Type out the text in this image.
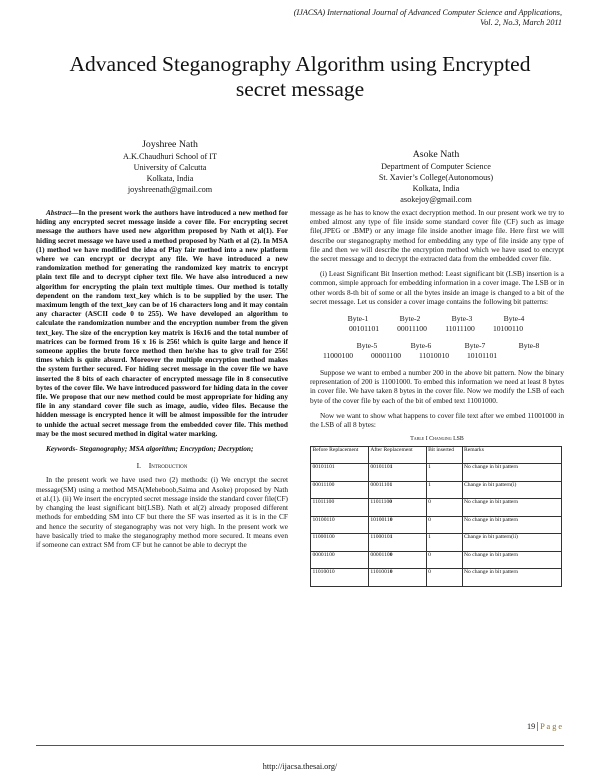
(IJACSA) International Journal of Advanced Computer Science and Applications,
Vol. 2, No.3, March 2011
Advanced Steganography Algorithm using Encrypted
secret message
Joyshree Nath
A.K.Chaudhuri School of IT
University of Calcutta
Kolkata, India
joyshreenath@gmail.com
Asoke Nath
Department of Computer Science
St. Xavier’s College(Autonomous)
Kolkata, India
asokejoy@gmail.com

Abstract—In the present work the authors have introduced a new method for hiding any encrypted secret message inside a cover file. For encrypting secret message the authors have used new algorithm proposed by Nath et al(1). For hiding secret message we have used a method proposed by Nath et al (2). In MSA (1) method we have modified the idea of Play fair method into a new platform where we can encrypt or decrypt any file. We have introduced a new randomization method for generating the randomized key matrix to encrypt plain text file and to decrypt cipher text file. We have also introduced a new algorithm for encrypting the plain text multiple times. Our method is totally dependent on the random text_key which is to be supplied by the user. The maximum length of the text_key can be of 16 characters long and it may contain any character (ASCII code 0 to 255). We have developed an algorithm to calculate the randomization number and the encryption number from the given text_key. The size of the encryption key matrix is 16x16 and the total number of matrices can be formed from 16 x 16 is 256! which is quite large and hence if someone applies the brute force method then he/she has to give trail for 256! times which is quite absurd. Moreover the multiple encryption method makes the system further secured. For hiding secret message in the cover file we have inserted the 8 bits of each character of encrypted message file in 8 consecutive bytes of the cover file. We have introduced password for hiding data in the cover file. We propose that our new method could be most appropriate for hiding any file in any standard cover file such as image, audio, video files. Because the hidden message is encrypted hence it will be almost impossible for the intruder to unhide the actual secret message from the embedded cover file. This method may be the most secured method in digital water marking.

Keywords- Steganography; MSA algorithm; Encryption; Decryption;

I. Introduction

In the present work we have used two (2) methods: (i) We encrypt the secret message(SM) using a method MSA(Meheboob,Saima and Asoke) proposed by Nath et al.(1). (ii) We insert the encrypted secret message inside the standard cover file(CF) by changing the least significant bit(LSB). Nath et al(2) already proposed different methods for embedding SM into CF but there the SF was inserted as it is in the CF and hence the security of steganography was not very high. In the present work we have basically tried to make the steganography method more secured. It means even if someone can extract SM from CF but he cannot be able to decrypt the

message as he has to know the exact decryption method. In our present work we try to embed almost any type of file inside some standard cover file (CF) such as image file(.JPEG or .BMP) or any image file inside another image file. Here first we will describe our steganography method for embedding any type of file inside any type of file and then we will describe the encryption method which we have used to encrypt the secret message and to decrypt the extracted data from the embedded cover file.

(i) Least Significant Bit Insertion method: Least significant bit (LSB) insertion is a common, simple approach for embedding information in a cover image. The LSB or in other words 8-th bit of some or all the bytes inside an image is changed to a bit of the secret message. Let us consider a cover image contains the following bit patterns:

Byte-1	Byte-2	Byte-3	Byte-4
00101101 00011100 11011100 10100110
Byte-5	Byte-6	Byte-7	Byte-8
11000100 00001100 11010010 10101101

Suppose we want to embed a number 200 in the above bit pattern. Now the binary representation of 200 is 11001000. To embed this information we need at least 8 bytes in cover file. We have taken 8 bytes in the cover file. Now we modify the LSB of each byte of the cover file by each of the bit of embed text 11001000.

Now we want to show what happens to cover file text after we embed 11001000 in the LSB of all 8 bytes:

Table I Changing LSB
Before Replacement	After Replacement	Bit inserted	Remarks
00101101	00101101	1	No change in bit pattern
00011100	00011101	1	Change in bit pattern(i)
11011100	11011100	0	No change in bit pattern
10100110	10100110	0	No change in bit pattern
11000100	11000101	1	Change in bit pattern(ii)
00001100	00001100	0	No change in bit pattern
11010010	11010010	0	No change in bit pattern
19 P a g e
http://ijacsa.thesai.org/
